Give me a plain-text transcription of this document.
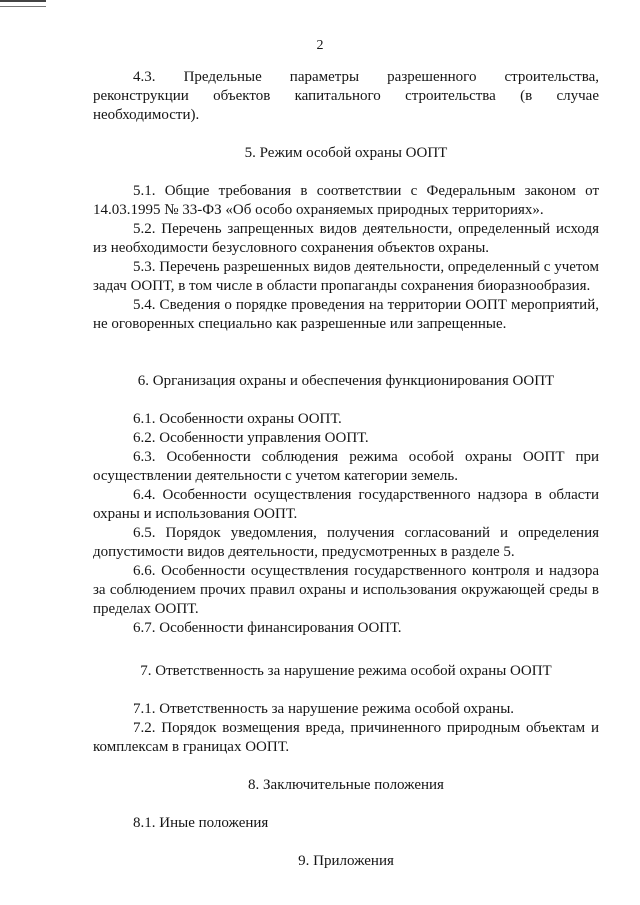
2

4.3. Предельные параметры разрешенного строительства, реконструкции объектов капитального строительства (в случае необходимости).

5. Режим особой охраны ООПТ

5.1. Общие требования в соответствии с Федеральным законом от 14.03.1995 № 33-ФЗ «Об особо охраняемых природных территориях».

5.2. Перечень запрещенных видов деятельности, определенный исходя из необходимости безусловного сохранения объектов охраны.

5.3. Перечень разрешенных видов деятельности, определенный с учетом задач ООПТ, в том числе в области пропаганды сохранения биоразнообразия.

5.4. Сведения о порядке проведения на территории ООПТ мероприятий, не оговоренных специально как разрешенные или запрещенные.

6. Организация охраны и обеспечения функционирования ООПТ

6.1. Особенности охраны ООПТ.

6.2. Особенности управления ООПТ.

6.3. Особенности соблюдения режима особой охраны ООПТ при осуществлении деятельности с учетом категории земель.

6.4. Особенности осуществления государственного надзора в области охраны и использования ООПТ.

6.5. Порядок уведомления, получения согласований и определения допустимости видов деятельности, предусмотренных в разделе 5.

6.6. Особенности осуществления государственного контроля и надзора за соблюдением прочих правил охраны и использования окружающей среды в пределах ООПТ.

6.7. Особенности финансирования ООПТ.

7. Ответственность за нарушение режима особой охраны ООПТ

7.1. Ответственность за нарушение режима особой охраны.

7.2. Порядок возмещения вреда, причиненного природным объектам и комплексам в границах ООПТ.

8. Заключительные положения

8.1. Иные положения

9. Приложения
